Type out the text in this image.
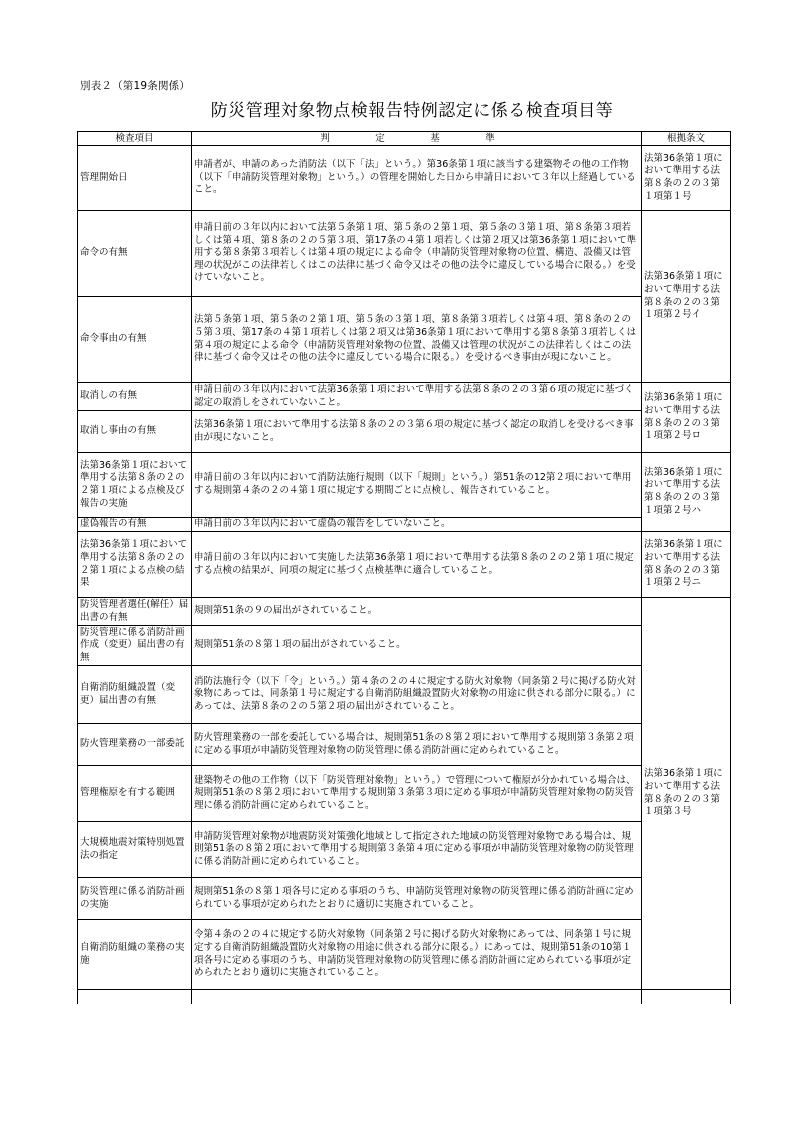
別表２（第19条関係）
防災管理対象物点検報告特例認定に係る検査項目等
検査項目	判　定　基　準	根拠条文
管理開始日	申請者が、申請のあった消防法（以下「法」という。）第36条第１項に該当する建築物その他の工作物（以下「申請防災管理対象物」という。）の管理を開始した日から申請日において３年以上経過していること。	法第36条第１項において準用する法第８条の２の３第１項第１号
命令の有無	申請日前の３年以内において法第５条第１項、第５条の２第１項、第５条の３第１項、第８条第３項若しくは第４項、第８条の２の５第３項、第17条の４第１項若しくは第２項又は第36条第１項において準用する第８条第３項若しくは第４項の規定による命令（申請防災管理対象物の位置、構造、設備又は管理の状況がこの法律若しくはこの法律に基づく命令又はその他の法令に違反している場合に限る。）を受けていないこと。	法第36条第１項において準用する法第８条の２の３第１項第２号イ
命令事由の有無	法第５条第１項、第５条の２第１項、第５条の３第１項、第８条第３項若しくは第４項、第８条の２の５第３項、第17条の４第１項若しくは第２項又は第36条第１項において準用する第８条第３項若しくは第４項の規定による命令（申請防災管理対象物の位置、設備又は管理の状況がこの法律若しくはこの法律に基づく命令又はその他の法令に違反している場合に限る。）を受けるべき事由が現にないこと。	
取消しの有無	申請日前の３年以内において法第36条第１項において準用する法第８条の２の３第６項の規定に基づく認定の取消しをされていないこと。	法第36条第１項において準用する法第８条の２の３第１項第２号ロ
取消し事由の有無	法第36条第１項において準用する法第８条の２の３第６項の規定に基づく認定の取消しを受けるべき事由が現にないこと。	
法第36条第１項において準用する法第８条の２の２第１項による点検及び報告の実施	申請日前の３年以内において消防法施行規則（以下「規則」という。）第51条の12第２項において準用する規則第４条の２の４第１項に規定する期間ごとに点検し、報告されていること。	法第36条第１項において準用する法第８条の２の３第１項第２号ハ
虚偽報告の有無	申請日前の３年以内において虚偽の報告をしていないこと。	
法第36条第１項において準用する法第８条の２の２第１項による点検の結果	申請日前の３年以内において実施した法第36条第１項において準用する法第８条の２の２第１項に規定する点検の結果が、同項の規定に基づく点検基準に適合していること。	法第36条第１項において準用する法第８条の２の３第１項第２号ニ
防災管理者選任(解任）届出書の有無	規則第51条の９の届出がされていること。	法第36条第１項において準用する法第８条の２の３第１項第３号
防災管理に係る消防計画作成（変更）届出書の有無	規則第51条の８第１項の届出がされていること。	
自衛消防組織設置（変更）届出書の有無	消防法施行令（以下「令」という。）第４条の２の４に規定する防火対象物（同条第２号に掲げる防火対象物にあっては、同条第１号に規定する自衛消防組織設置防火対象物の用途に供される部分に限る。）にあっては、法第８条の２の５第２項の届出がされていること。	
防火管理業務の一部委託	防火管理業務の一部を委託している場合は、規則第51条の８第２項において準用する規則第３条第２項に定める事項が申請防災管理対象物の防災管理に係る消防計画に定められていること。	
管理権原を有する範囲	建築物その他の工作物（以下「防災管理対象物」という。）で管理について権原が分かれている場合は、規則第51条の８第２項において準用する規則第３条第３項に定める事項が申請防災管理対象物の防災管理に係る消防計画に定められていること。	
大規模地震対策特別処置法の指定	申請防災管理対象物が地震防災対策強化地域として指定された地域の防災管理対象物である場合は、規則第51条の８第２項において準用する規則第３条第４項に定める事項が申請防災管理対象物の防災管理に係る消防計画に定められていること。	
防災管理に係る消防計画の実施	規則第51条の８第１項各号に定める事項のうち、申請防災管理対象物の防災管理に係る消防計画に定められている事項が定められたとおりに適切に実施されていること。	
自衛消防組織の業務の実施	令第４条の２の４に規定する防火対象物（同条第２号に掲げる防火対象物にあっては、同条第１号に規定する自衛消防組織設置防火対象物の用途に供される部分に限る。）にあっては、規則第51条の10第１項各号に定める事項のうち、申請防災管理対象物の防災管理に係る消防計画に定められている事項が定められたとおり適切に実施されていること。	
